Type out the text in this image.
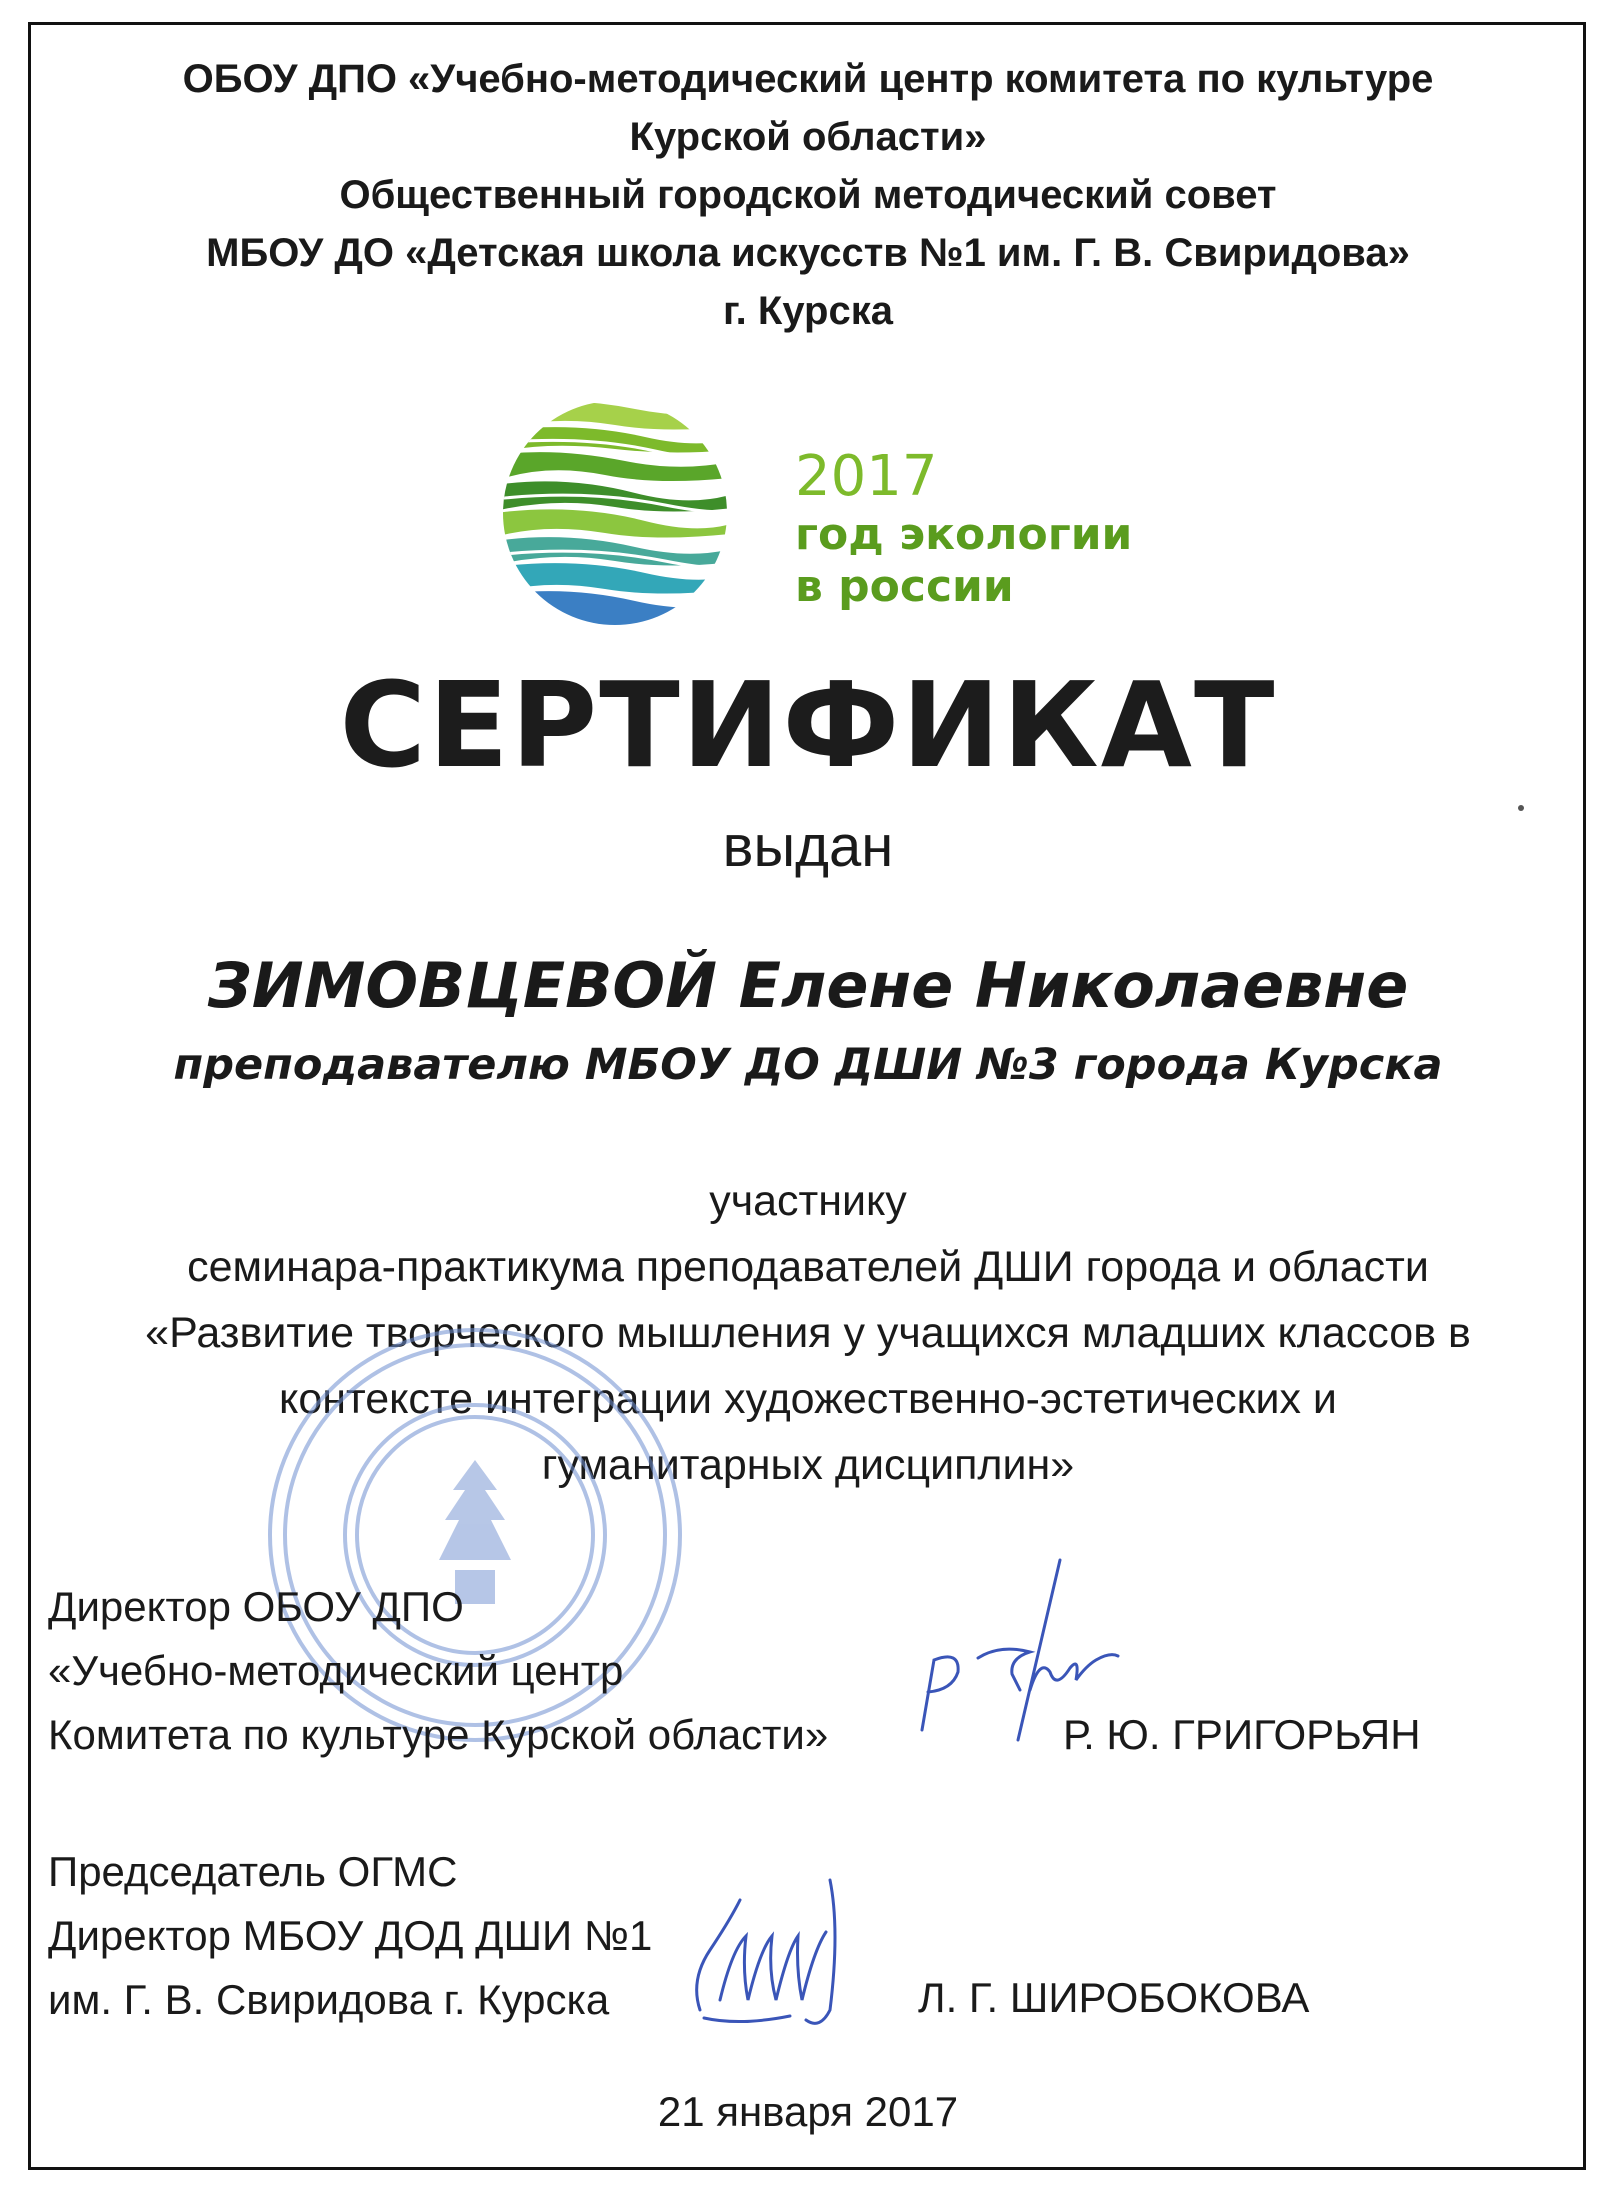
ОБОУ ДПО «Учебно-методический центр комитета по культуре
Курской области»
Общественный городской методический совет
МБОУ ДО «Детская школа искусств №1 им. Г. В. Свиридова»
г. Курска
2017
год экологии
в россии
СЕРТИФИКАТ
выдан
ЗИМОВЦЕВОЙ Елене Николаевне
преподавателю МБОУ ДО ДШИ №3 города Курска
участнику
семинара-практикума преподавателей ДШИ города и области
«Развитие творческого мышления у учащихся младших классов в
контексте интеграции художественно-эстетических и
гуманитарных дисциплин»
Директор ОБОУ ДПО
«Учебно-методический центр
Комитета по культуре Курской области»	Р. Ю. ГРИГОРЬЯН
Председатель ОГМС
Директор МБОУ ДОД ДШИ №1
им. Г. В. Свиридова г. Курска	Л. Г. ШИРОБОКОВА
21 января 2017
